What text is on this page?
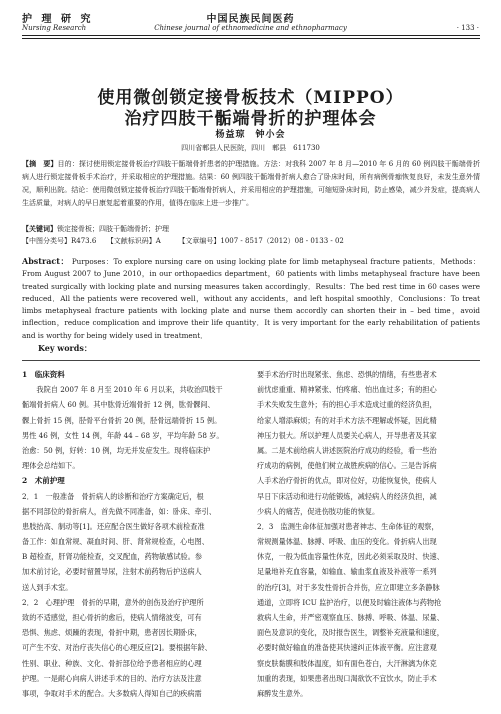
护 理 研 究
Nursing Research
中国民族民间医药
Chinese journal of ethnomedicine and ethnopharmacy	· 133 ·
使用微创锁定接骨板技术（MIPPO）
治疗四肢干骺端骨折的护理体会
杨益琼　钟小会
四川省郫县人民医院，四川　郫县　611730
【摘　要】目的：探讨使用锁定接骨板治疗四肢干骺端骨折患者的护理措施。方法：对我科 2007 年 8 月—2010 年 6 月的 60 例四肢干骺端骨折病人进行锁定接骨板手术治疗，并采取相应的护理措施。结果：60 例四肢干骺端骨折病人愈合了卧床时间，所有病例骨痂恢复良好，未发生意外情况，顺利出院。结论：使用微创锁定接骨板治疗四肢干骺端骨折病人，并采用相应的护理措施，可缩短卧床时间，防止感染，减少并发症，提高病人生活质量，对病人的早日康复起着重要的作用，值得在临床上进一步推广。
【关键词】锁定接骨板；四肢干骺端骨折；护理
【中图分类号】R473.6　　【文献标识码】A　　　【文章编号】1007 - 8517（2012）08 - 0133 - 02
Abstract： Purposes：To explore nursing care on using locking plate for limb metaphyseal fracture patients．Methods：From August 2007 to June 2010，in our orthopaedics department，60 patients with limbs metaphyseal fracture have been treated surgically with locking plate and nursing measures taken accordingly．Results：The bed rest time in 60 cases were reduced．All the patients were recovered well，without any accidents，and left hospital smoothly．Conclusions：To treat limbs metaphyseal fracture patients with locking plate and nurse them accordly can shorten their in – bed time，avoid inflection，reduce complication and improve their life quantity．It is very important for the early rehabilitation of patients and is worthy for being widely used in treatment．
Key words：
1　临床资料
　　我院自 2007 年 8 月至 2010 年 6 月以来，共收治四肢干
骺端骨折病人 60 例。其中肱骨近端骨折 12 例，肱骨髁间、
髁上骨折 15 例，胫骨平台骨折 20 例，胫骨远端骨折 15 例。
男性 46 例，女性 14 例，年龄 44 – 68 岁，平均年龄 58 岁。
治愈：50 例，好转：10 例，均无并发症发生。现将临床护
理体会总结如下。
2　术前护理
2．1　一般准备　骨折病人的诊断和治疗方案确定后，根
据不同部位的骨折病人，首先做不同准备，如：卧床、牵引、
患肢抬高、制动等[1]。还应配合医生做好各项术前检查准
备工作：如血常规、凝血时间、肝、肾常规检查，心电图、
B 超检查，肝肾功能检查，交叉配血，药物敏感试验。参
加术前讨论，必要时留置导尿，注射术前药物后护送病人
送人到手术室。
2．2　心理护理　骨折的早期，意外的创伤及治疗护理所
致的不适感觉，担心骨折的愈后，使病人情绪波变，可有
恐惧、焦虑、烦躁的表现，骨折中期，患者因长期卧床，
可产生不安、对治疗丧失信心的心理反应[2]。要根据年龄、
性别、职业、种族、文化、骨折部位给予患者相应的心理
护理。一是耐心向病人讲述手术的目的、治疗方法及注意
事项，争取对手术的配合。大多数病人得知自己的疾病需
要手术治疗时出现紧张、焦虑、恐惧的情绪，有些患者术
前忧虑重重、精神紧张、怕疼痛、怕出血过多；有的担心
手术失败发生意外；有的担心手术造成过重的经济负担，
给家人增添麻烦；有的对手术方法不理解或怀疑，因此精
神压力很大。所以护理人员要关心病人，开导患者及其家
属。二是术前给病人讲述医院治疗成功的经验，看一些治
疗成功的病例，使他们树立战胜疾病的信心。三是告诉病
人手术治疗骨折的优点，即对位好，功能恢复快，使病人
早日下床活动和进行功能锻炼，减轻病人的经济负担，减
少病人的痛苦，促进伤肢功能的恢复。
2．3　监测生命体征加强对患者神志、生命体征的观察，
常规测量体温、脉搏、呼吸、血压的变化。骨折病人出现
休克，一般为低血容量性休克，因此必须采取及时、快速、
足量地补充血容量，如输血、输血浆血液及补液等一系列
的治疗[3]，对于多发性骨折合并伤，应立即建立多条静脉
通道，立即将 ICU 监护治疗，以便及时输注液体与药物抢
救病人生命，并严密观察血压、脉搏、呼吸、体温、尿量、
面色及意识的变化，及时报告医生，调整补充液量和速度，
必要时做好输血的准备使其快速纠正体液平衡。应注意观
察皮肤黏膜和肢体温度，如有面色苍白，大汗淋漓为休克
加重的表现，如果患者出现口渴欲饮不宜饮水，防止手术
麻醉发生意外。
